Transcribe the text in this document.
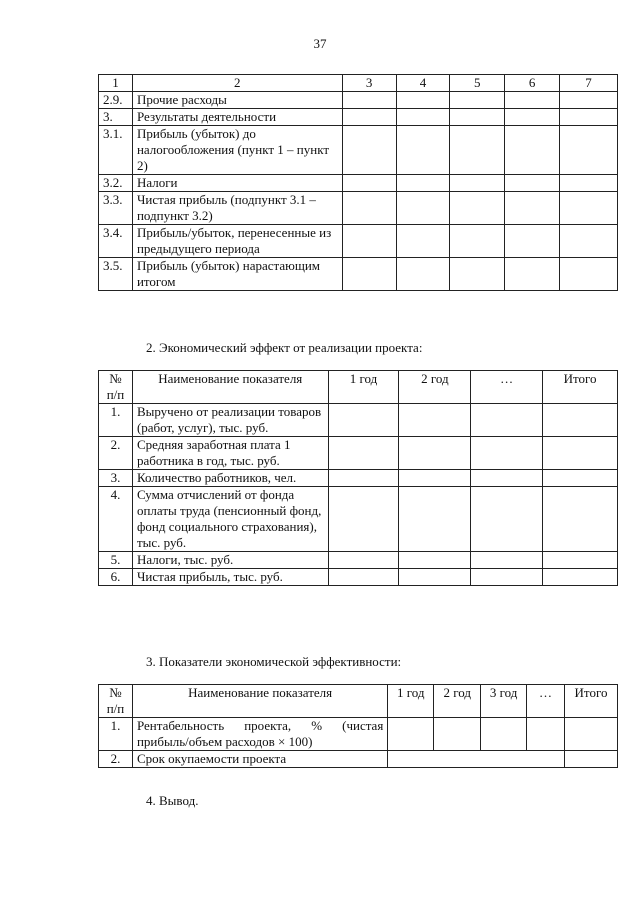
37
1	2	3	4	5	6	7
2.9.	Прочие расходы					
3.	Результаты деятельности					
3.1.	Прибыль (убыток) до налогообложения (пункт 1 – пункт 2)					
3.2.	Налоги					
3.3.	Чистая прибыль (подпункт 3.1 – подпункт 3.2)					
3.4.	Прибыль/убыток, перенесенные из предыдущего периода					
3.5.	Прибыль (убыток) нарастающим итогом					
2. Экономический эффект от реализации проекта:
№ п/п	Наименование показателя	1 год	2 год	…	Итого
1.	Выручено от реализации товаров (работ, услуг), тыс. руб.				
2.	Средняя заработная плата 1 работника в год, тыс. руб.				
3.	Количество работников, чел.				
4.	Сумма отчислений от фонда оплаты труда (пенсионный фонд, фонд социального страхования), тыс. руб.				
5.	Налоги, тыс. руб.				
6.	Чистая прибыль, тыс. руб.				
3. Показатели экономической эффективности:
№ п/п	Наименование показателя	1 год	2 год	3 год	…	Итого
1.	Рентабельность проекта, % (чистая прибыль/объем расходов × 100)					
2.	Срок окупаемости проекта					
4. Вывод.
